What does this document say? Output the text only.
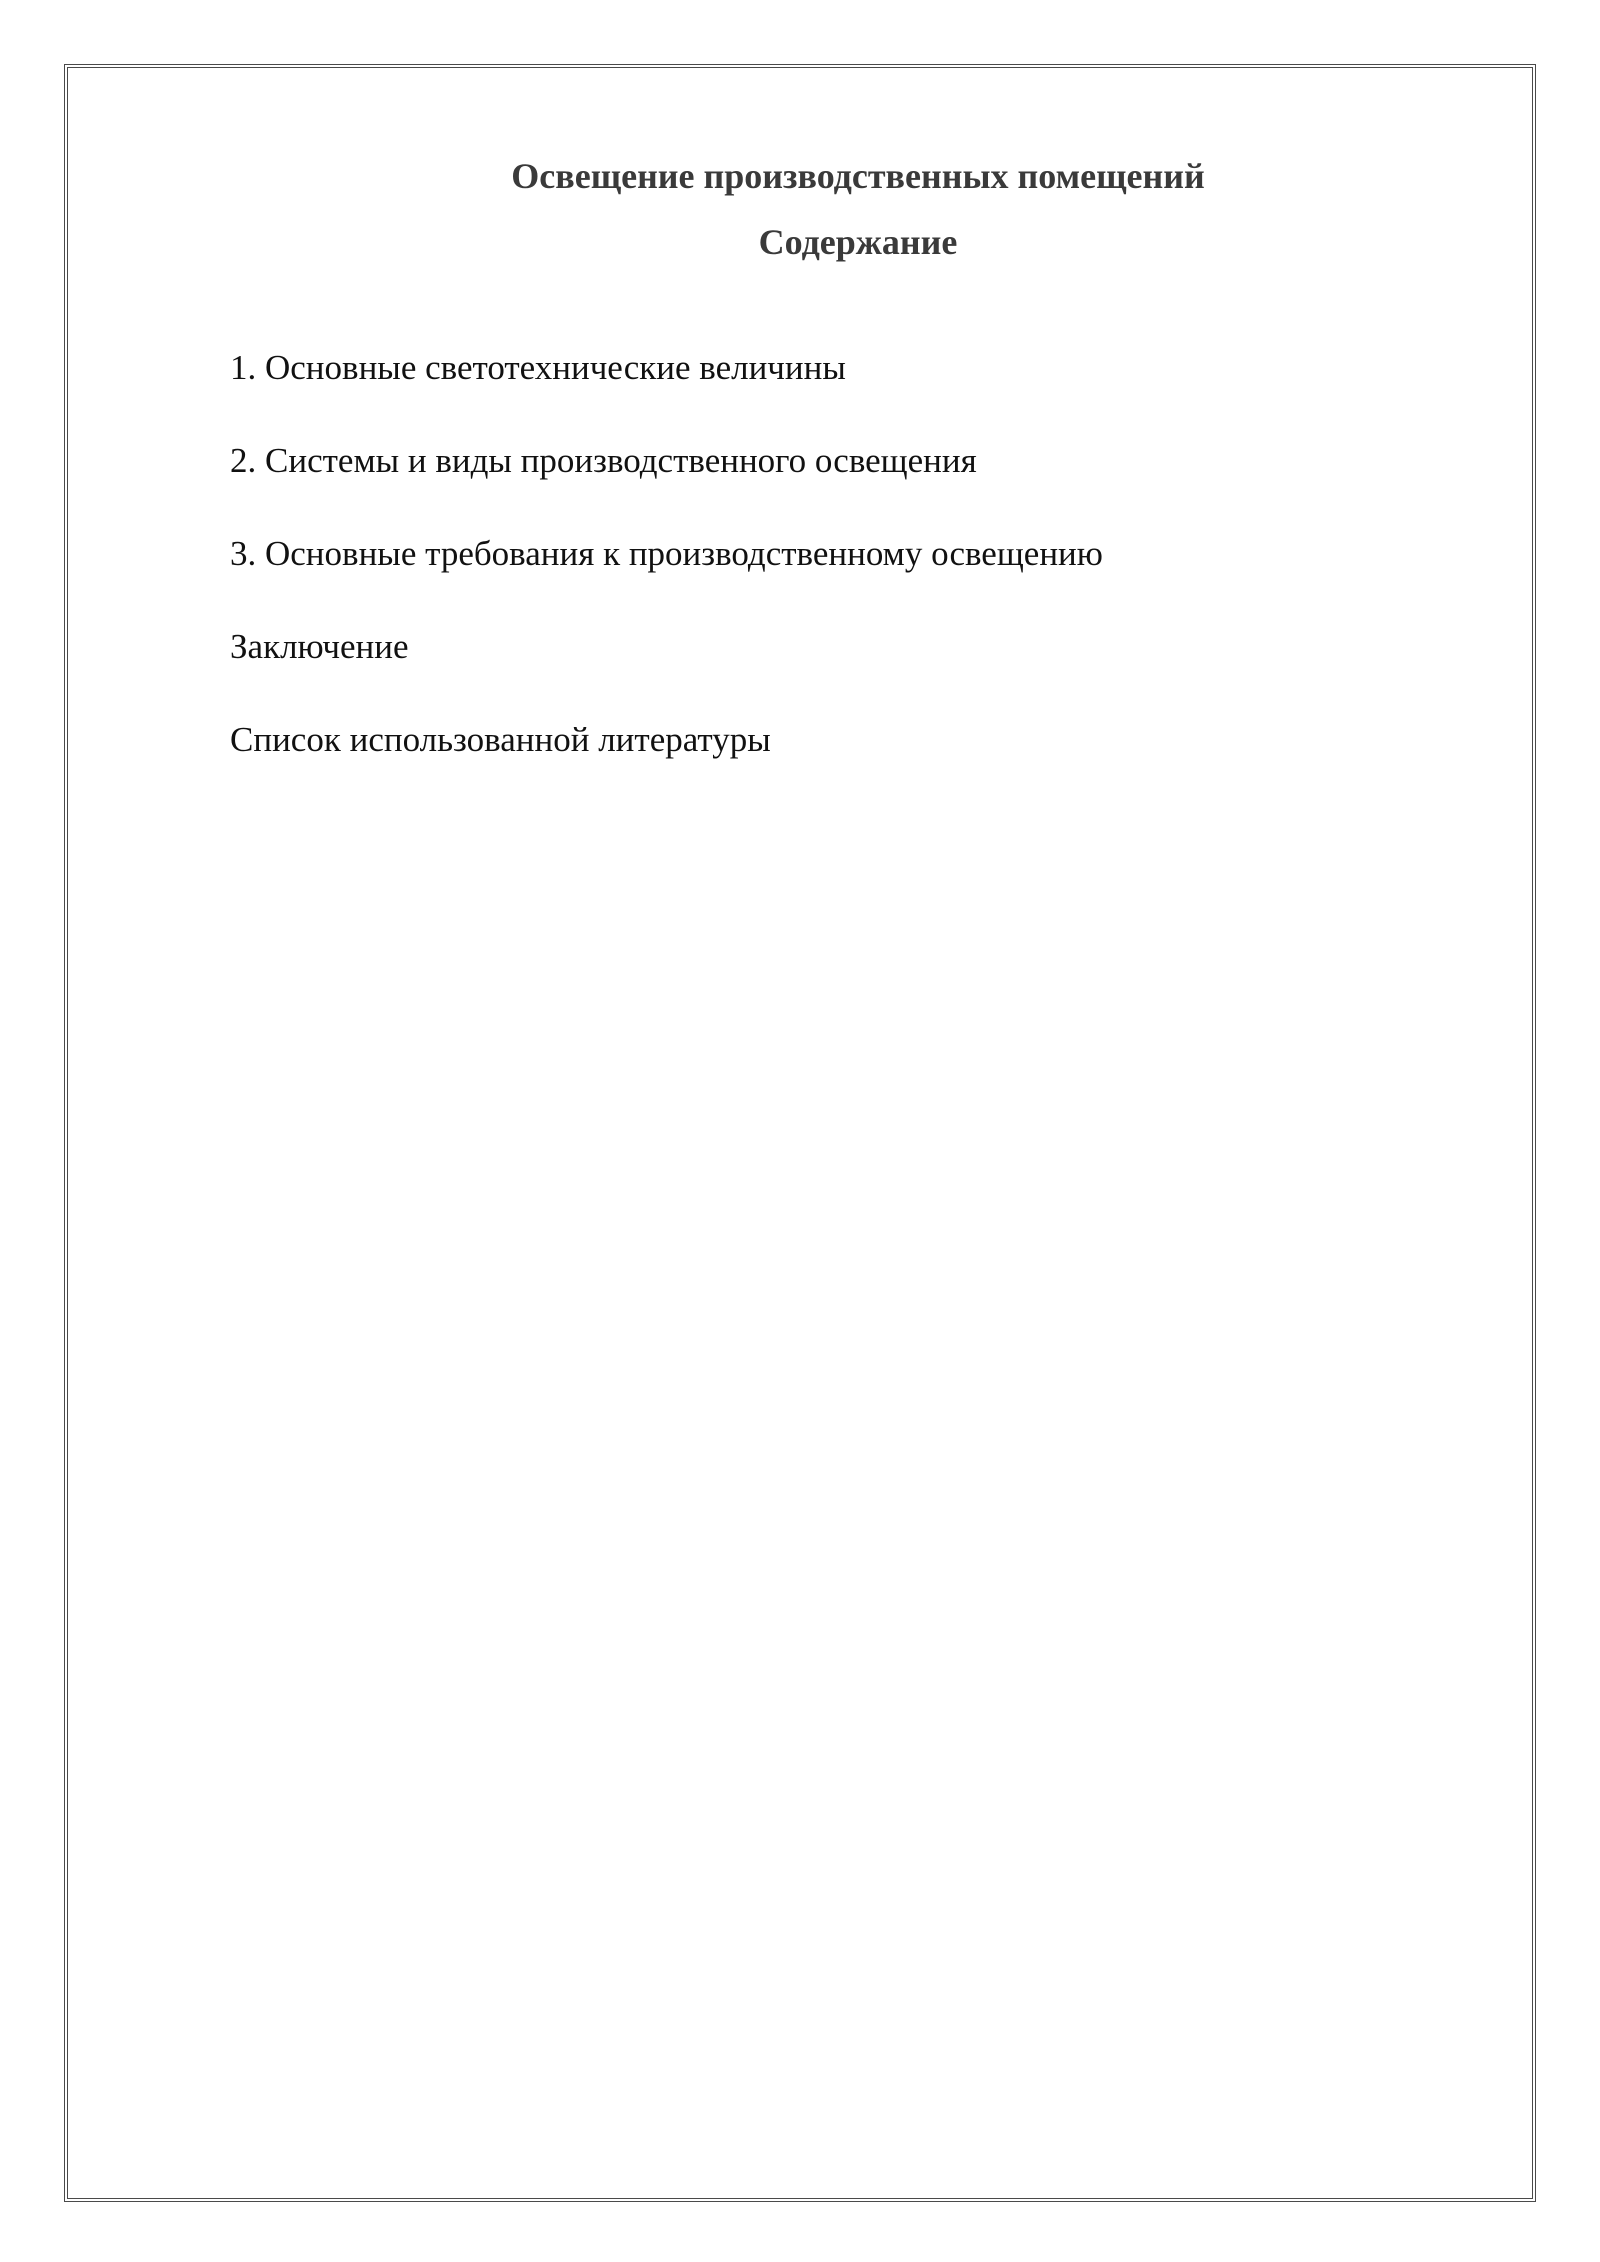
Освещение производственных помещений
Содержание
1. Основные светотехнические величины
2. Системы и виды производственного освещения
3. Основные требования к производственному освещению
Заключение
Список использованной литературы
